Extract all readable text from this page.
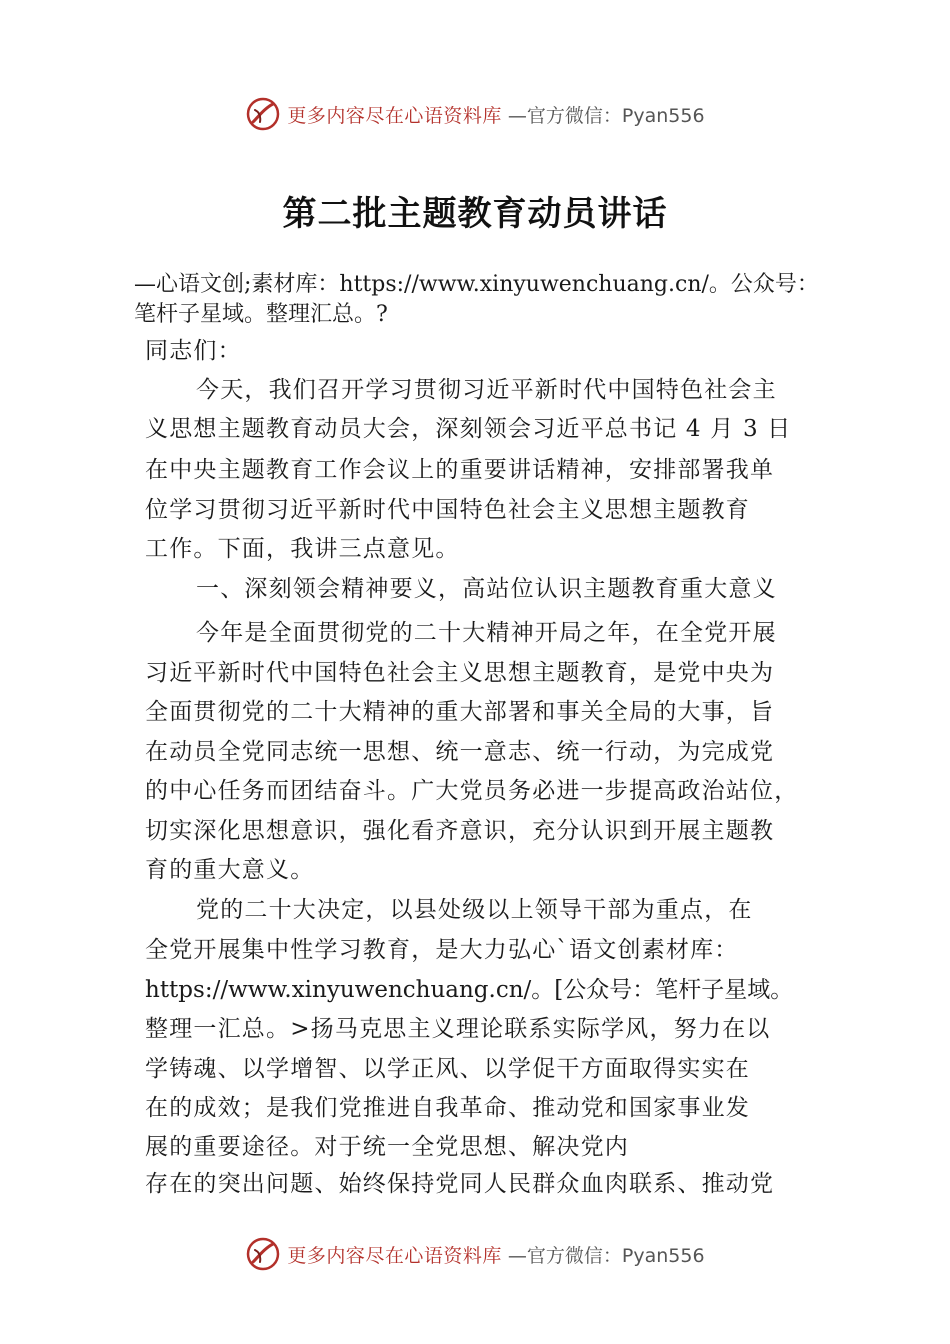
更多内容尽在心语资料库 —官方微信：Pyan556
第二批主题教育动员讲话

—心语文创;素材库：https://www.xinyuwenchuang.cn/。公众号：笔杆子星域。整理汇总。?

同志们：

今天，我们召开学习贯彻习近平新时代中国特色社会主

义思想主题教育动员大会，深刻领会习近平总书记 4 月 3 日

在中央主题教育工作会议上的重要讲话精神，安排部署我单

位学习贯彻习近平新时代中国特色社会主义思想主题教育

工作。下面，我讲三点意见。

一、深刻领会精神要义，高站位认识主题教育重大意义

今年是全面贯彻党的二十大精神开局之年，在全党开展

习近平新时代中国特色社会主义思想主题教育，是党中央为

全面贯彻党的二十大精神的重大部署和事关全局的大事，旨

在动员全党同志统一思想、统一意志、统一行动，为完成党

的中心任务而团结奋斗。广大党员务必进一步提高政治站位，

切实深化思想意识，强化看齐意识，充分认识到开展主题教

育的重大意义。

党的二十大决定，以县处级以上领导干部为重点，在

全党开展集中性学习教育，是大力弘心`语文创素材库：

https://www.xinyuwenchuang.cn/。[公众号：笔杆子星域。

整理一汇总。>扬马克思主义理论联系实际学风，努力在以

学铸魂、以学增智、以学正风、以学促干方面取得实实在

在的成效；是我们党推进自我革命、推动党和国家事业发

展的重要途径。对于统一全党思想、解决党内

存在的突出问题、始终保持党同人民群众血肉联系、推动党

更多内容尽在心语资料库 —官方微信：Pyan556
